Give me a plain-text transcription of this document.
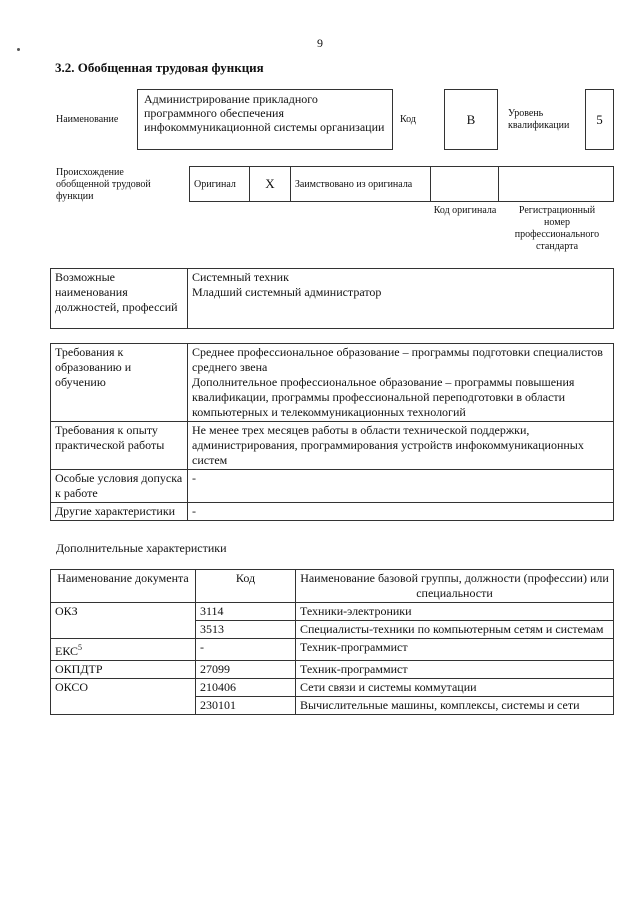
9
3.2. Обобщенная трудовая функция
Наименование
Администрирование прикладного программного обеспечения инфокоммуникационной системы организации
Код	В	Уровень квалификации	5
Происхождение обобщенной трудовой функции
Оригинал	Х	Заимствовано из оригинала		
Код оригинала	Регистрационный номер профессионального стандарта
Возможные наименования должностей, профессий	
Системный техник
Младший системный администратор
Требования к образованию и обучению	Среднее профессиональное образование – программы подготовки специалистов среднего звена
Дополнительное профессиональное образование – программы повышения квалификации, программы профессиональной переподготовки в области компьютерных и телекоммуникационных технологий

Требования к опыту практической работы	Не менее трех месяцев работы в области технической поддержки, администрирования, программирования устройств инфокоммуникационных систем

Особые условия допуска к работе	-
Другие характеристики	-
Дополнительные характеристики
Наименование документа	Код	Наименование базовой группы, должности (профессии) или специальности
ОКЗ	3114	Техники-электроники
	3513	Специалисты-техники по компьютерным сетям и системам
ЕКС$^5$	-	Техник-программист
ОКПДТР	27099	Техник-программист
ОКСО	210406	Сети связи и системы коммутации
	230101	Вычислительные машины, комплексы, системы и сети
